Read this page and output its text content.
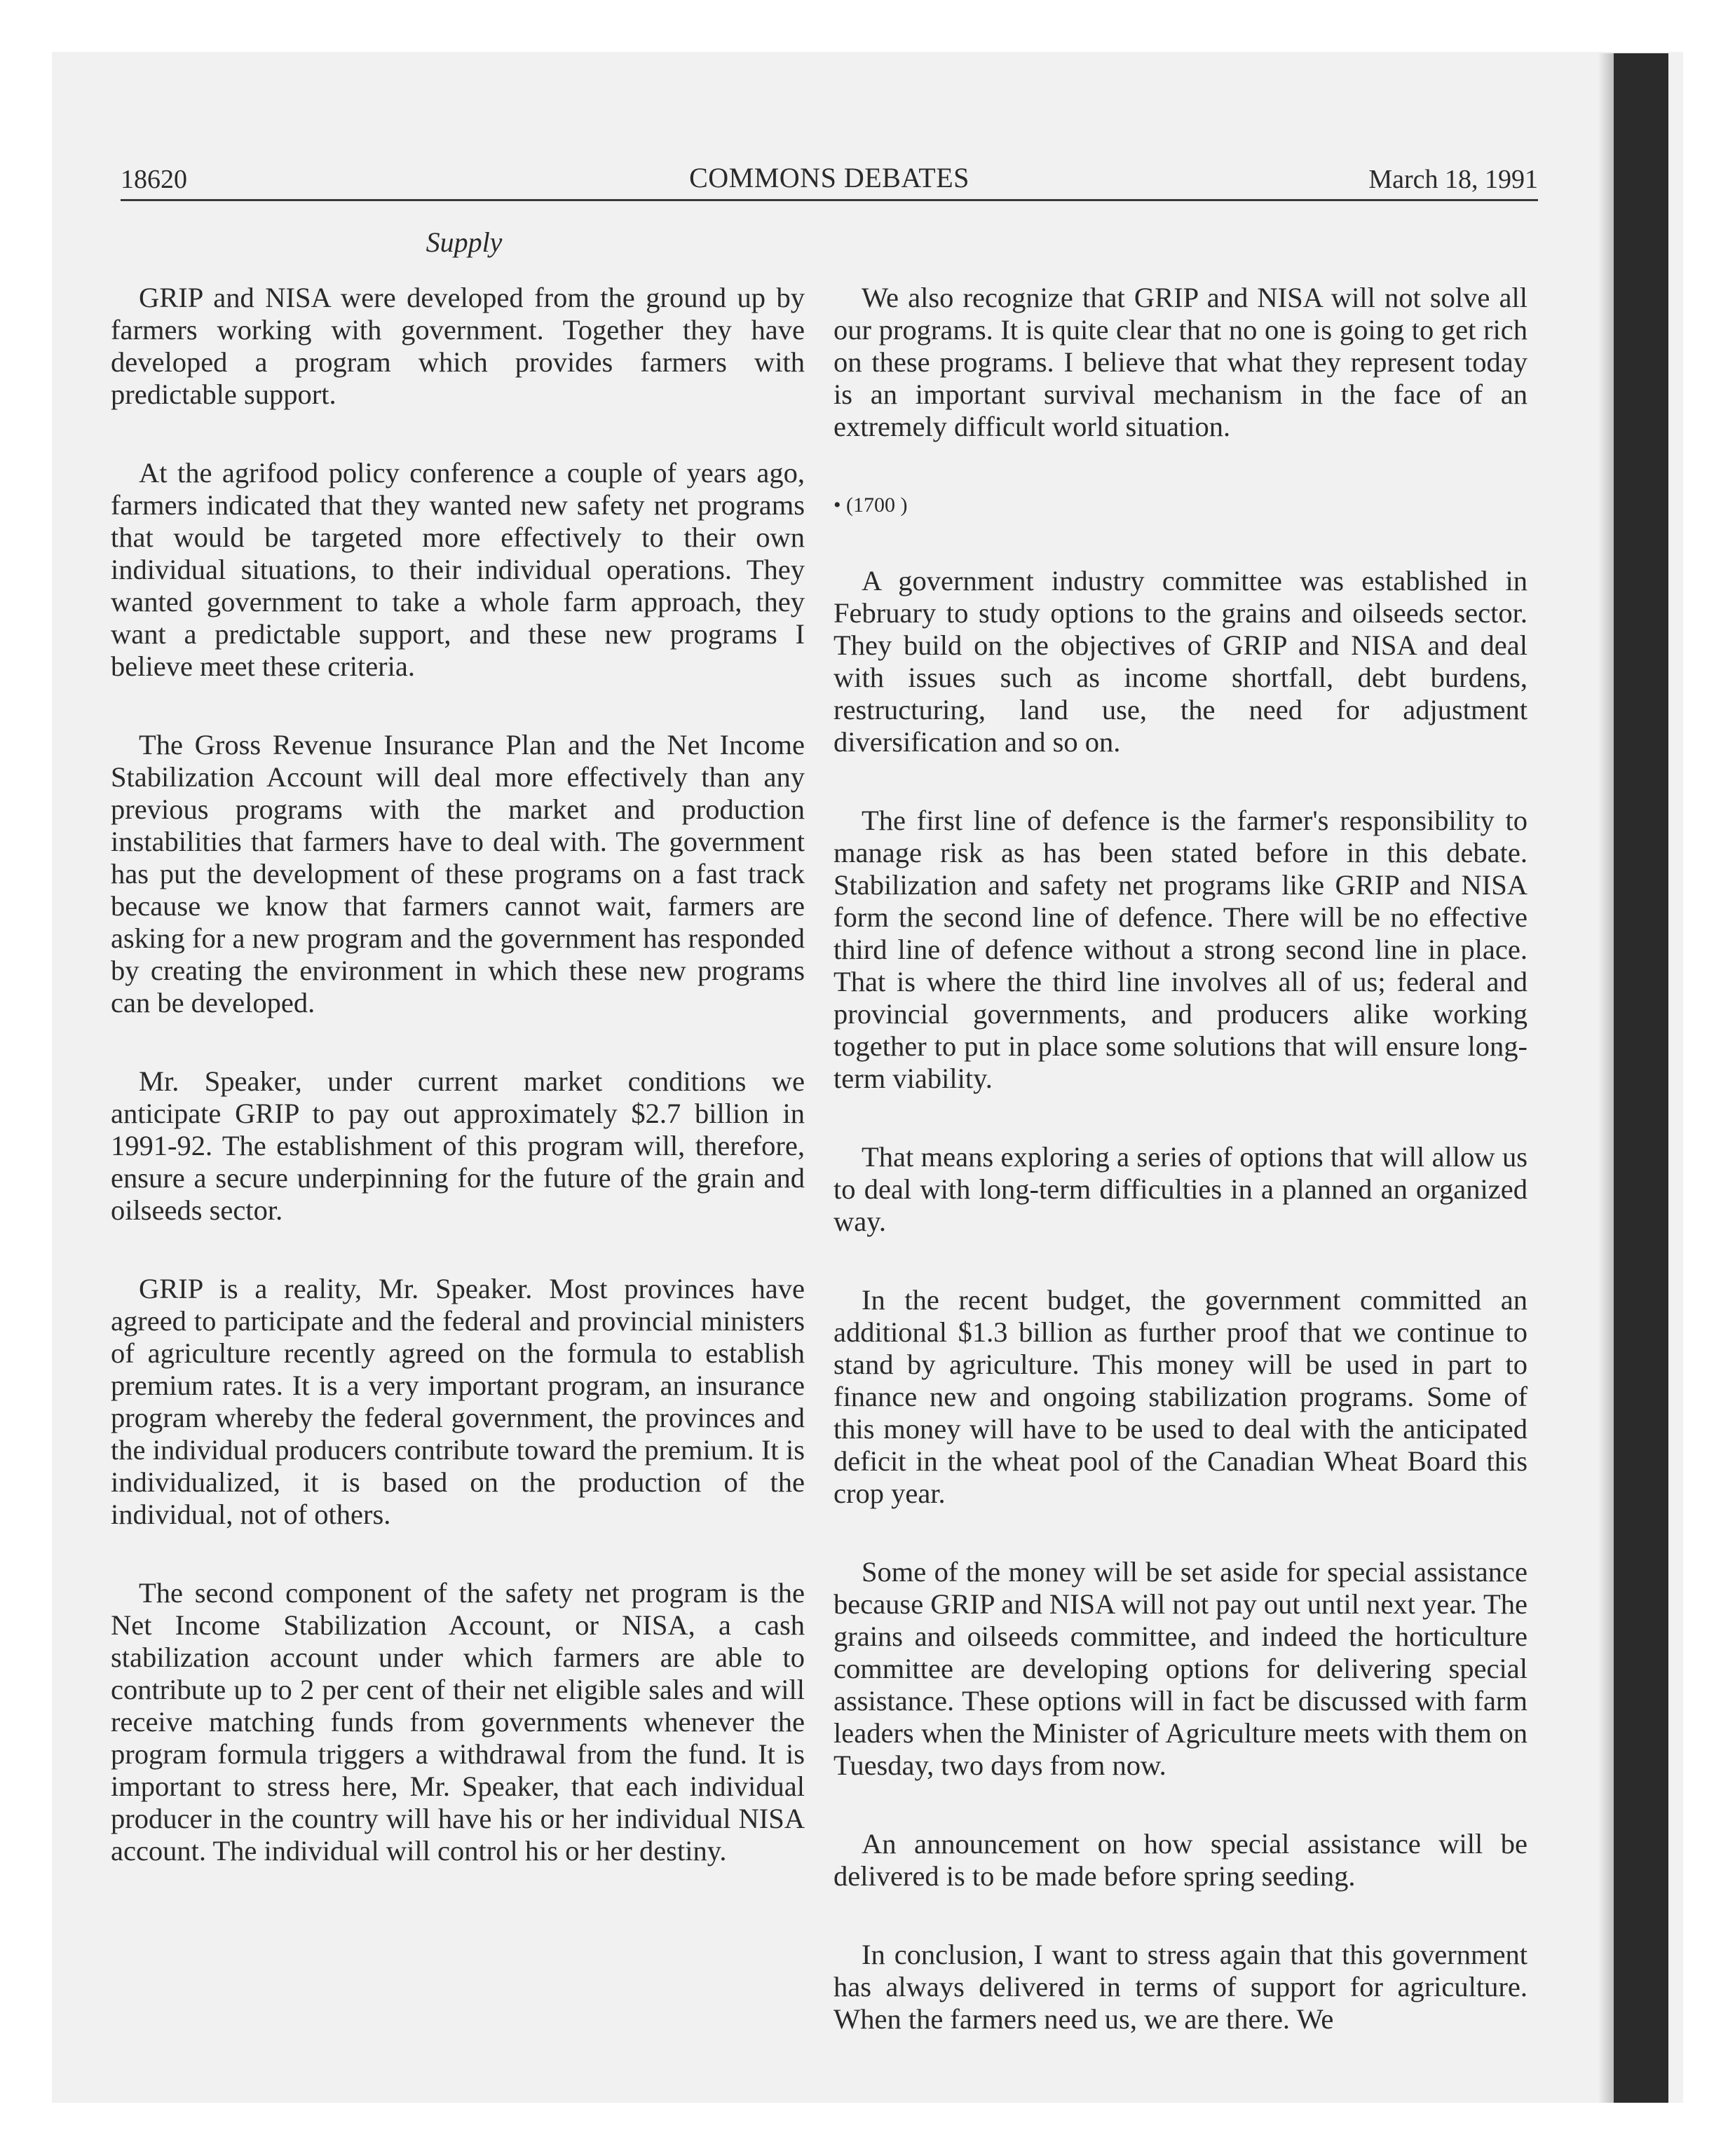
18620	COMMONS DEBATES	March 18, 1991
Supply

GRIP and NISA were developed from the ground up by farmers working with government. Together they have developed a program which provides farmers with predictable support.

At the agrifood policy conference a couple of years ago, farmers indicated that they wanted new safety net programs that would be targeted more effectively to their own individual situations, to their individual operations. They wanted government to take a whole farm approach, they want a predictable support, and these new programs I believe meet these criteria.

The Gross Revenue Insurance Plan and the Net Income Stabilization Account will deal more effectively than any previous programs with the market and production instabilities that farmers have to deal with. The government has put the development of these programs on a fast track because we know that farmers cannot wait, farmers are asking for a new program and the government has responded by creating the environment in which these new programs can be developed.

Mr. Speaker, under current market conditions we anticipate GRIP to pay out approximately $2.7 billion in 1991-92. The establishment of this program will, therefore, ensure a secure underpinning for the future of the grain and oilseeds sector.

GRIP is a reality, Mr. Speaker. Most provinces have agreed to participate and the federal and provincial ministers of agriculture recently agreed on the formula to establish premium rates. It is a very important program, an insurance program whereby the federal government, the provinces and the individual producers contribute toward the premium. It is individualized, it is based on the production of the individual, not of others.

The second component of the safety net program is the Net Income Stabilization Account, or NISA, a cash stabilization account under which farmers are able to contribute up to 2 per cent of their net eligible sales and will receive matching funds from governments whenever the program formula triggers a withdrawal from the fund. It is important to stress here, Mr. Speaker, that each individual producer in the country will have his or her individual NISA account. The individual will control his or her destiny.

We also recognize that GRIP and NISA will not solve all our programs. It is quite clear that no one is going to get rich on these programs. I believe that what they represent today is an important survival mechanism in the face of an extremely difficult world situation.

• (1700 )

A government industry committee was established in February to study options to the grains and oilseeds sector. They build on the objectives of GRIP and NISA and deal with issues such as income shortfall, debt burdens, restructuring, land use, the need for adjustment diversification and so on.

The first line of defence is the farmer's responsibility to manage risk as has been stated before in this debate. Stabilization and safety net programs like GRIP and NISA form the second line of defence. There will be no effective third line of defence without a strong second line in place. That is where the third line involves all of us; federal and provincial governments, and producers alike working together to put in place some solutions that will ensure long-term viability.

That means exploring a series of options that will allow us to deal with long-term difficulties in a planned an organized way.

In the recent budget, the government committed an additional $1.3 billion as further proof that we continue to stand by agriculture. This money will be used in part to finance new and ongoing stabilization programs. Some of this money will have to be used to deal with the anticipated deficit in the wheat pool of the Canadian Wheat Board this crop year.

Some of the money will be set aside for special assistance because GRIP and NISA will not pay out until next year. The grains and oilseeds committee, and indeed the horticulture committee are developing options for delivering special assistance. These options will in fact be discussed with farm leaders when the Minister of Agriculture meets with them on Tuesday, two days from now.

An announcement on how special assistance will be delivered is to be made before spring seeding.

In conclusion, I want to stress again that this government has always delivered in terms of support for agriculture. When the farmers need us, we are there. We
